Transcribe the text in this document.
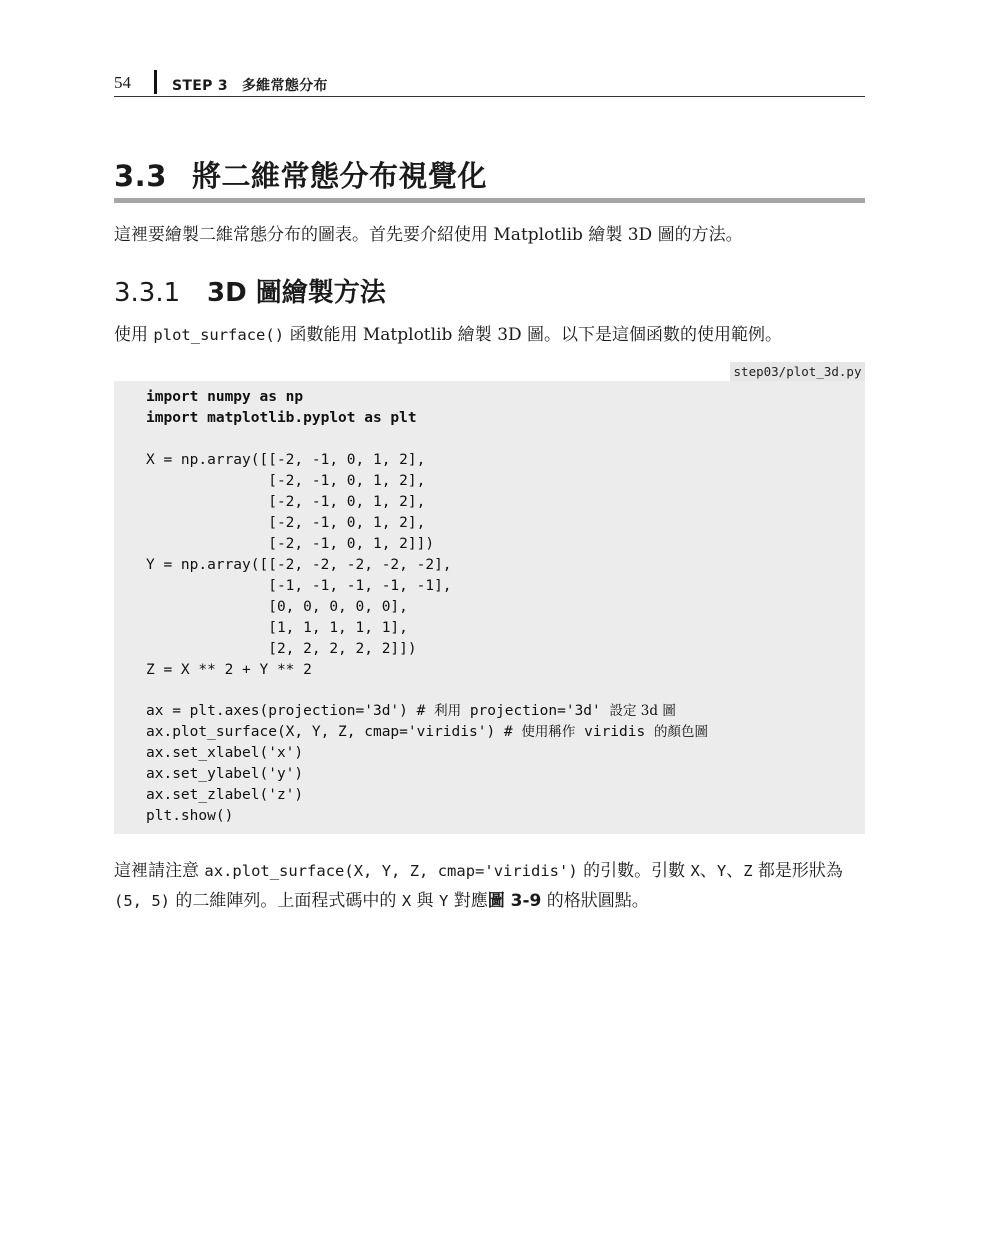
54	STEP 3 多維常態分布
3.3 將二維常態分布視覺化
這裡要繪製二維常態分布的圖表。首先要介紹使用 Matplotlib 繪製 3D 圖的方法。
3.3.1 3D 圖繪製方法
使用 plot_surface() 函數能用 Matplotlib 繪製 3D 圖。以下是這個函數的使用範例。
step03/plot_3d.py
import numpy as np
import matplotlib.pyplot as plt
X = np.array([[-2, -1, 0, 1, 2],
[-2, -1, 0, 1, 2],
[-2, -1, 0, 1, 2],
[-2, -1, 0, 1, 2],
[-2, -1, 0, 1, 2]])
Y = np.array([[-2, -2, -2, -2, -2],
[-1, -1, -1, -1, -1],
[0, 0, 0, 0, 0],
[1, 1, 1, 1, 1],
[2, 2, 2, 2, 2]])
Z = X ** 2 + Y ** 2
ax = plt.axes(projection='3d') # 利用 projection='3d' 設定 3d 圖
ax.plot_surface(X, Y, Z, cmap='viridis') # 使用稱作 viridis 的顏色圖
ax.set_xlabel('x')
ax.set_ylabel('y')
ax.set_zlabel('z')
plt.show()
這裡請注意 ax.plot_surface(X, Y, Z, cmap='viridis') 的引數。引數 X、Y、Z 都是形狀為 (5, 5) 的二維陣列。上面程式碼中的 X 與 Y 對應圖 3-9 的格狀圓點。
